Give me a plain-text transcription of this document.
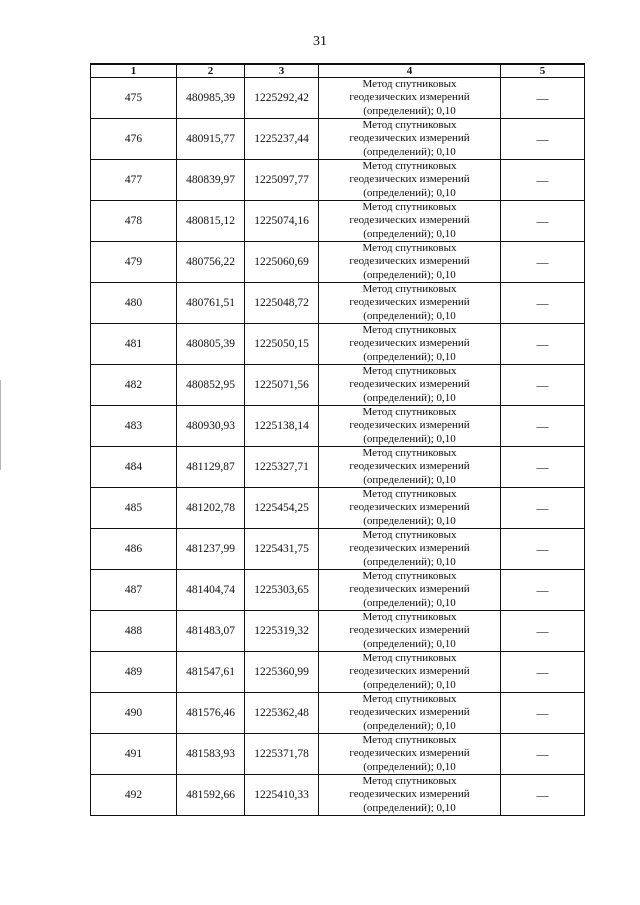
31
1	2	3	4	5
475	480985,39	1225292,42	Метод спутниковых
геодезических измерений
(определений); 0,10	—
476	480915,77	1225237,44	Метод спутниковых
геодезических измерений
(определений); 0,10	—
477	480839,97	1225097,77	Метод спутниковых
геодезических измерений
(определений); 0,10	—
478	480815,12	1225074,16	Метод спутниковых
геодезических измерений
(определений); 0,10	—
479	480756,22	1225060,69	Метод спутниковых
геодезических измерений
(определений); 0,10	—
480	480761,51	1225048,72	Метод спутниковых
геодезических измерений
(определений); 0,10	—
481	480805,39	1225050,15	Метод спутниковых
геодезических измерений
(определений); 0,10	—
482	480852,95	1225071,56	Метод спутниковых
геодезических измерений
(определений); 0,10	—
483	480930,93	1225138,14	Метод спутниковых
геодезических измерений
(определений); 0,10	—
484	481129,87	1225327,71	Метод спутниковых
геодезических измерений
(определений); 0,10	—
485	481202,78	1225454,25	Метод спутниковых
геодезических измерений
(определений); 0,10	—
486	481237,99	1225431,75	Метод спутниковых
геодезических измерений
(определений); 0,10	—
487	481404,74	1225303,65	Метод спутниковых
геодезических измерений
(определений); 0,10	—
488	481483,07	1225319,32	Метод спутниковых
геодезических измерений
(определений); 0,10	—
489	481547,61	1225360,99	Метод спутниковых
геодезических измерений
(определений); 0,10	—
490	481576,46	1225362,48	Метод спутниковых
геодезических измерений
(определений); 0,10	—
491	481583,93	1225371,78	Метод спутниковых
геодезических измерений
(определений); 0,10	—
492	481592,66	1225410,33	Метод спутниковых
геодезических измерений
(определений); 0,10	—
